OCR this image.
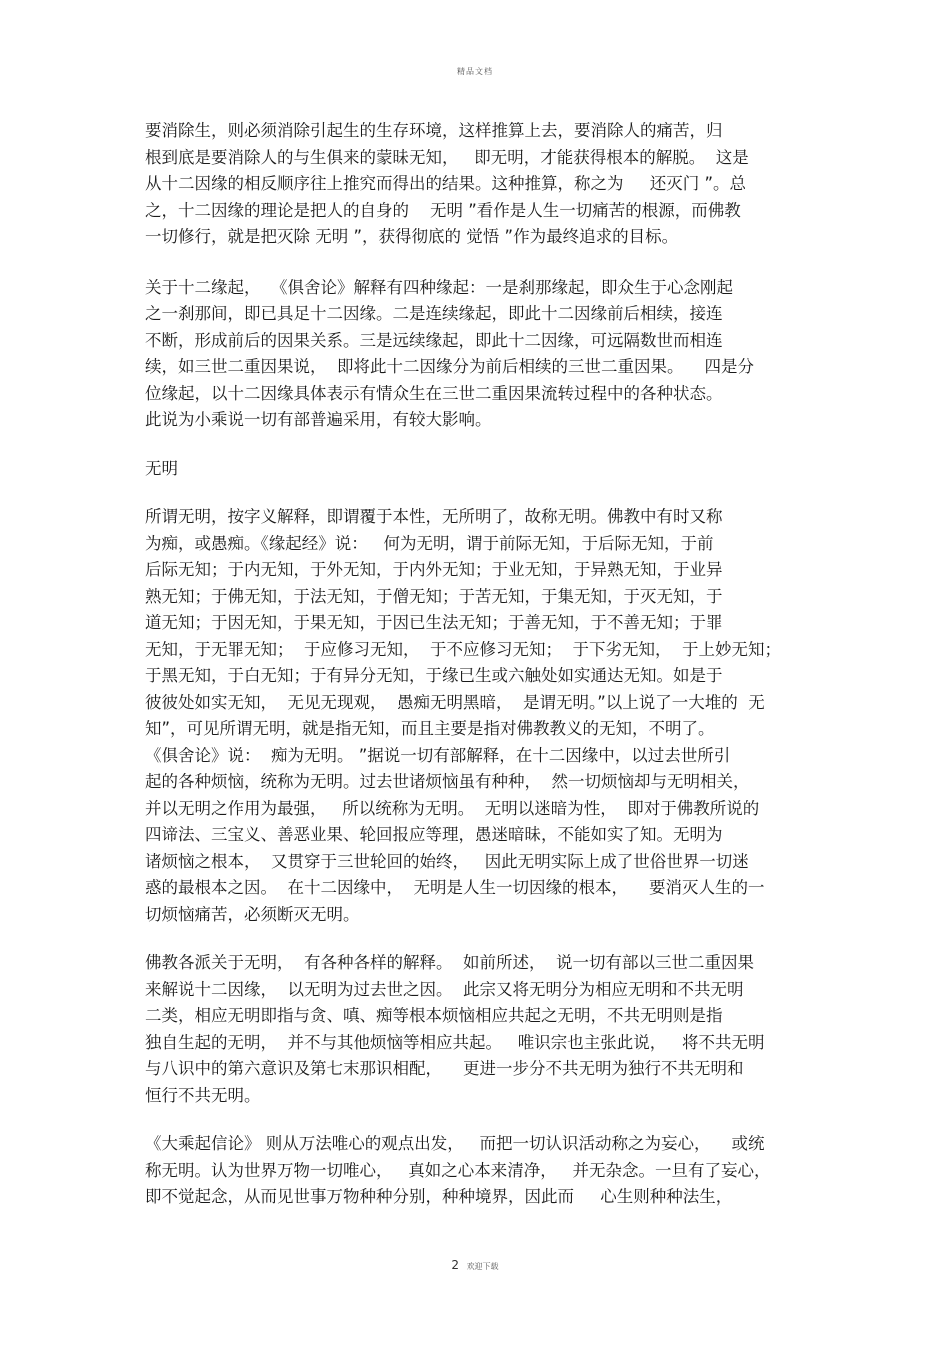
精品文档
要消除生，则必须消除引起生的生存环境，这样推算上去，要消除人的痛苦，归
根到底是要消除人的与生俱来的蒙昧无知，   即无明，才能获得根本的解脱。  这是
从十二因缘的相反顺序往上推究而得出的结果。这种推算，称之为     还灭门 ”。总
之，十二因缘的理论是把人的自身的    无明 ”看作是人生一切痛苦的根源，而佛教
一切修行，就是把灭除 无明 ”，获得彻底的 觉悟 ”作为最终追求的目标。
关于十二缘起，  《俱舍论》解释有四种缘起：一是刹那缘起，即众生于心念刚起
之一刹那间，即已具足十二因缘。二是连续缘起，即此十二因缘前后相续，接连
不断，形成前后的因果关系。三是远续缘起，即此十二因缘，可远隔数世而相连
续，如三世二重因果说，  即将此十二因缘分为前后相续的三世二重因果。    四是分
位缘起，以十二因缘具体表示有情众生在三世二重因果流转过程中的各种状态。
此说为小乘说一切有部普遍采用，有较大影响。
无明
所谓无明，按字义解释，即谓覆于本性，无所明了，故称无明。佛教中有时又称
为痴，或愚痴。《缘起经》说：   何为无明，谓于前际无知，于后际无知，于前
后际无知；于内无知，于外无知，于内外无知；于业无知，于异熟无知，于业异
熟无知；于佛无知，于法无知，于僧无知；于苦无知，于集无知，于灭无知，于
道无知；于因无知，于果无知，于因已生法无知；于善无知，于不善无知；于罪
无知，于无罪无知；  于应修习无知，  于不应修习无知；  于下劣无知，  于上妙无知；
于黑无知，于白无知；于有异分无知，于缘已生或六触处如实通达无知。如是于
彼彼处如实无知，  无见无现观，  愚痴无明黑暗，  是谓无明。”以上说了一大堆的  无
知”，可见所谓无明，就是指无知，而且主要是指对佛教教义的无知，不明了。
《俱舍论》说：  痴为无明。 ”据说一切有部解释，在十二因缘中，以过去世所引
起的各种烦恼，统称为无明。过去世诸烦恼虽有种种，  然一切烦恼却与无明相关，
并以无明之作用为最强，   所以统称为无明。  无明以迷暗为性，  即对于佛教所说的
四谛法、三宝义、善恶业果、轮回报应等理，愚迷暗昧，不能如实了知。无明为
诸烦恼之根本，  又贯穿于三世轮回的始终，   因此无明实际上成了世俗世界一切迷
惑的最根本之因。  在十二因缘中，  无明是人生一切因缘的根本，    要消灭人生的一
切烦恼痛苦，必须断灭无明。
佛教各派关于无明，  有各种各样的解释。  如前所述，  说一切有部以三世二重因果
来解说十二因缘，  以无明为过去世之因。  此宗又将无明分为相应无明和不共无明
二类，相应无明即指与贪、嗔、痴等根本烦恼相应共起之无明，不共无明则是指
独自生起的无明，  并不与其他烦恼等相应共起。   唯识宗也主张此说，   将不共无明
与八识中的第六意识及第七末那识相配，    更进一步分不共无明为独行不共无明和
恒行不共无明。
《大乘起信论》 则从万法唯心的观点出发，   而把一切认识活动称之为妄心，    或统
称无明。认为世界万物一切唯心，   真如之心本来清净，   并无杂念。一旦有了妄心，
即不觉起念，从而见世事万物种种分别，种种境界，因此而     心生则种种法生，
2 欢迎下载
